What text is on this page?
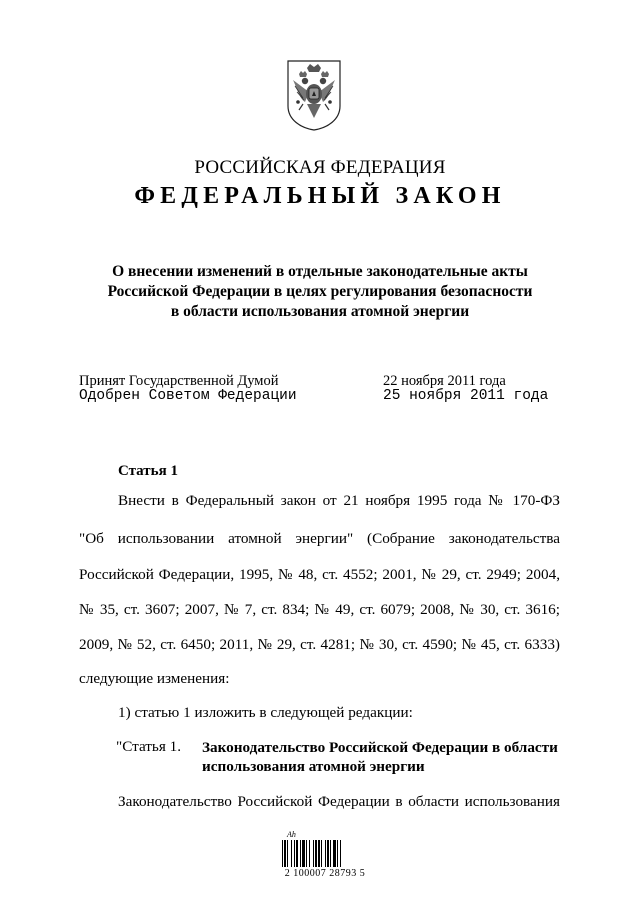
РОССИЙСКАЯ ФЕДЕРАЦИЯ
ФЕДЕРАЛЬНЫЙ ЗАКОН
О внесении изменений в отдельные законодательные акты
Российской Федерации в целях регулирования безопасности
в области использования атомной энергии
Принят Государственной Думой	22 ноября 2011 года
Одобрен Советом Федерации	25 ноября 2011 года
Статья 1
Внести в Федеральный закон от 21 ноября 1995 года № 170-ФЗ
"Об использовании атомной энергии" (Собрание законодательства
Российской Федерации, 1995, № 48, ст. 4552; 2001, № 29, ст. 2949; 2004,
№ 35, ст. 3607; 2007, № 7, ст. 834; № 49, ст. 6079; 2008, № 30, ст. 3616;
2009, № 52, ст. 6450; 2011, № 29, ст. 4281; № 30, ст. 4590; № 45, ст. 6333)
следующие изменения:
1) статью 1 изложить в следующей редакции:
"Статья 1. Законодательство Российской Федерации в области
использования атомной энергии
Законодательство Российской Федерации в области использования
Ah
2 100007 28793 5
